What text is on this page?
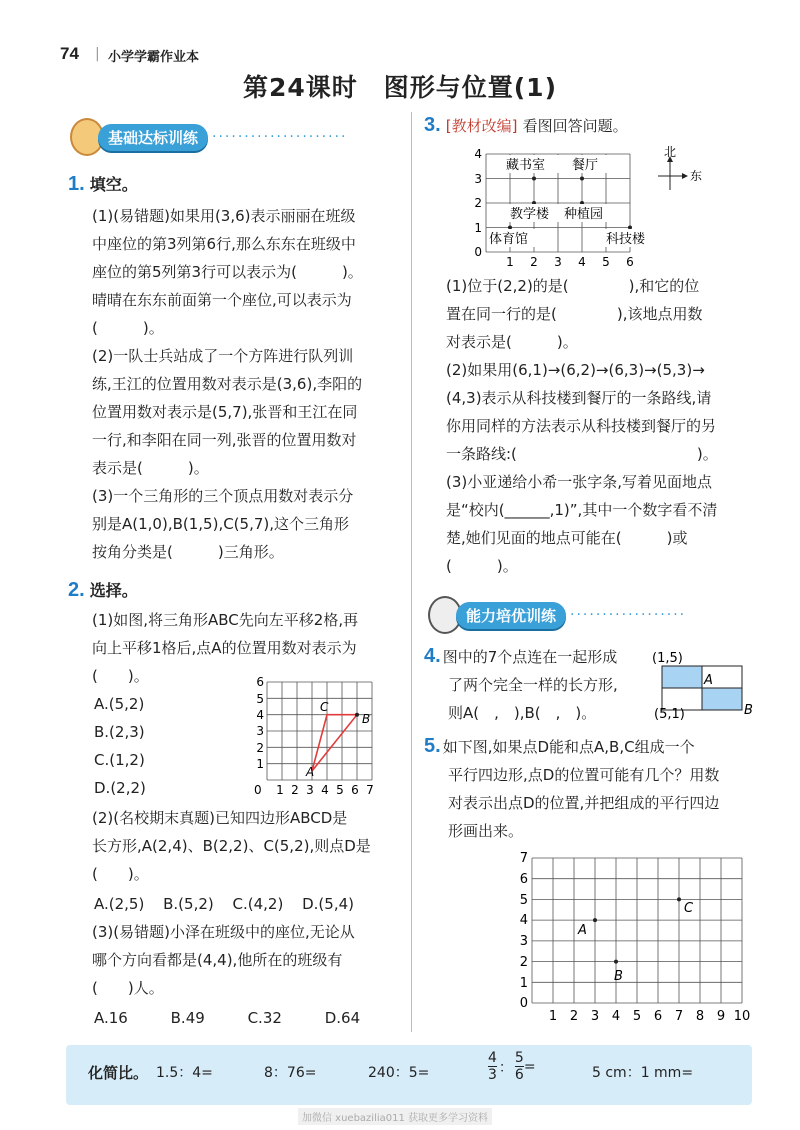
74 | 小学学霸作业本
第24课时　图形与位置(1)
基础达标训练	·····················
1. 填空。
(1)(易错题)如果用(3,6)表示丽丽在班级
中座位的第3列第6行,那么东东在班级中
座位的第5列第3行可以表示为(　　　)。
晴晴在东东前面第一个座位,可以表示为
(　　　)。
(2)一队士兵站成了一个方阵进行队列训
练,王江的位置用数对表示是(3,6),李阳的
位置用数对表示是(5,7),张晋和王江在同
一行,和李阳在同一列,张晋的位置用数对
表示是(　　　)。
(3)一个三角形的三个顶点用数对表示分
别是A(1,0),B(1,5),C(5,7),这个三角形
按角分类是(　　　)三角形。
2. 选择。
(1)如图,将三角形ABC先向左平移2格,再
向上平移1格后,点A的位置用数对表示为
(　　)。
A.(5,2)
B.(2,3)
C.(1,2)
D.(2,2)
A
C
B
0 1 2 3 4 5 6 7
1
2
3
4
5
6
(2)(名校期末真题)已知四边形ABCD是
长方形,A(2,4)、B(2,2)、C(5,2),则点D是
(　　)。
A.(2,5) B.(5,2) C.(4,2) D.(5,4)
(3)(易错题)小泽在班级中的座位,无论从
哪个方向看都是(4,4),他所在的班级有
(　　)人。
A.16	B.49	C.32	D.64
3. [教材改编] 看图回答问题。
藏书室 餐厅
教学楼 种植园
体育馆	科技楼
0
1
2
3
4
1 2 3 4 5 6
北
东
(1)位于(2,2)的是(　　　　),和它的位
置在同一行的是(　　　　),该地点用数
对表示是(　　　)。
(2)如果用(6,1)→(6,2)→(6,3)→(5,3)→
(4,3)表示从科技楼到餐厅的一条路线,请
你用同样的方法表示从科技楼到餐厅的另
一条路线:(　　　　　　　　　　　　)。
(3)小亚递给小希一张字条,写着见面地点
是“校内(______,1)”,其中一个数字看不清
楚,她们见面的地点可能在(　　　)或
(　　　)。
能力培优训练	··················
4. 图中的7个点连在一起形成
了两个完全一样的长方形,
则A(　,　),B(　,　)。
(1,5)
(5,1)
A
B
5. 如下图,如果点D能和点A,B,C组成一个
平行四边形,点D的位置可能有几个？用数
对表示出点D的位置,并把组成的平行四边
形画出来。
A
B
C
0
1
2
3
4
5
6
7
1 2 3 4 5 6 7 8 9 10
化简比。 1.5：4=	8：76=	240：5=	$\frac{4}{3}$ ： $\frac{5}{6}$ =	5 cm：1 mm=
加微信 xuebazilia011 获取更多学习资料
